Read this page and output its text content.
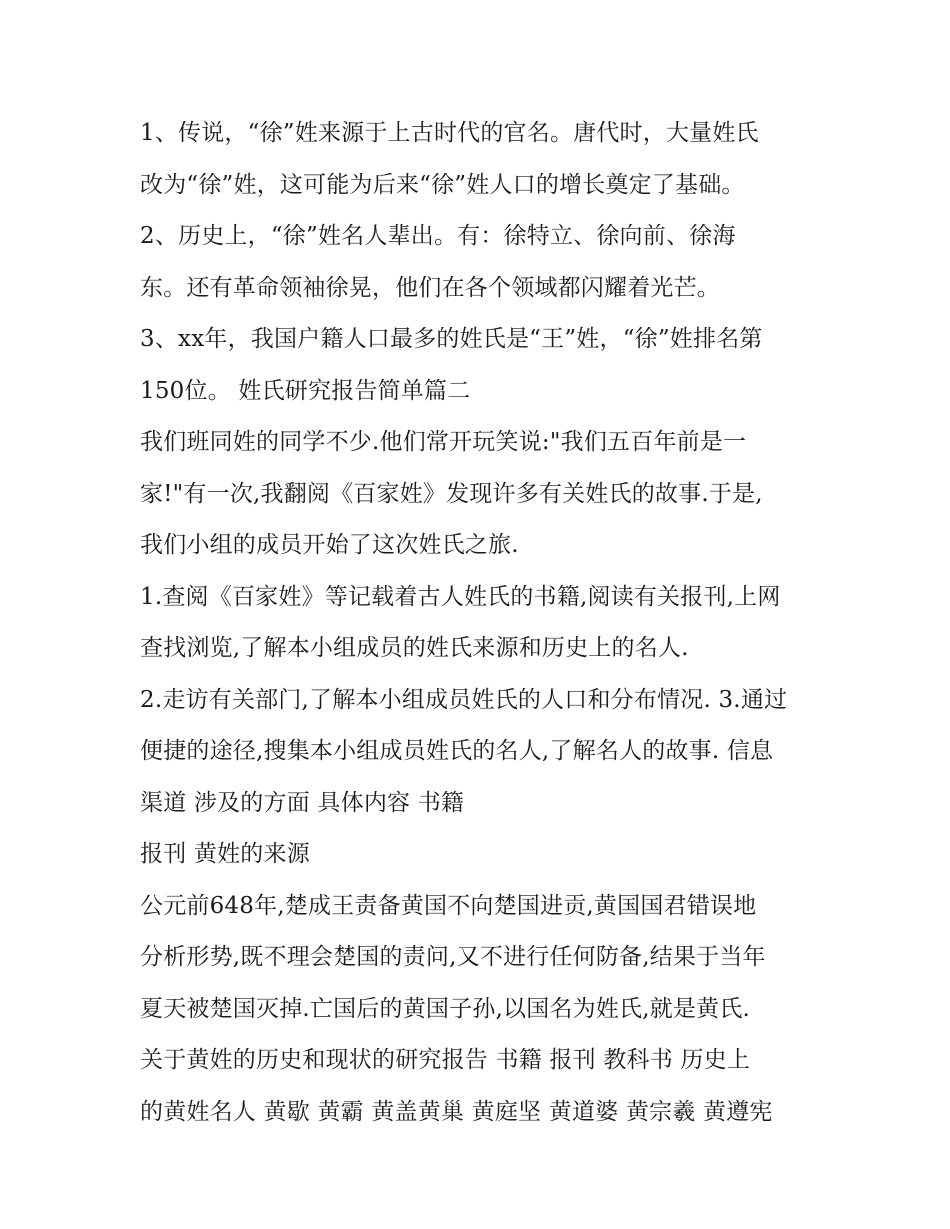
1、传说，“徐”姓来源于上古时代的官名。唐代时，大量姓氏
改为“徐”姓，这可能为后来“徐”姓人口的增长奠定了基础。
2、历史上，“徐”姓名人辈出。有：徐特立、徐向前、徐海
东。还有革命领袖徐晃，他们在各个领域都闪耀着光芒。
3、xx年，我国户籍人口最多的姓氏是“王”姓，“徐”姓排名第
150位。 姓氏研究报告简单篇二
我们班同姓的同学不少.他们常开玩笑说:"我们五百年前是一
家!"有一次,我翻阅《百家姓》发现许多有关姓氏的故事.于是,
我们小组的成员开始了这次姓氏之旅.
1.查阅《百家姓》等记载着古人姓氏的书籍,阅读有关报刊,上网
查找浏览,了解本小组成员的姓氏来源和历史上的名人.
2.走访有关部门,了解本小组成员姓氏的人口和分布情况. 3.通过
便捷的途径,搜集本小组成员姓氏的名人,了解名人的故事. 信息
渠道 涉及的方面 具体内容 书籍
报刊 黄姓的来源
公元前648年,楚成王责备黄国不向楚国进贡,黄国国君错误地
分析形势,既不理会楚国的责问,又不进行任何防备,结果于当年
夏天被楚国灭掉.亡国后的黄国子孙,以国名为姓氏,就是黄氏.
关于黄姓的历史和现状的研究报告 书籍 报刊 教科书 历史上
的黄姓名人 黄歇 黄霸 黄盖黄巢 黄庭坚 黄道婆 黄宗羲 黄遵宪
